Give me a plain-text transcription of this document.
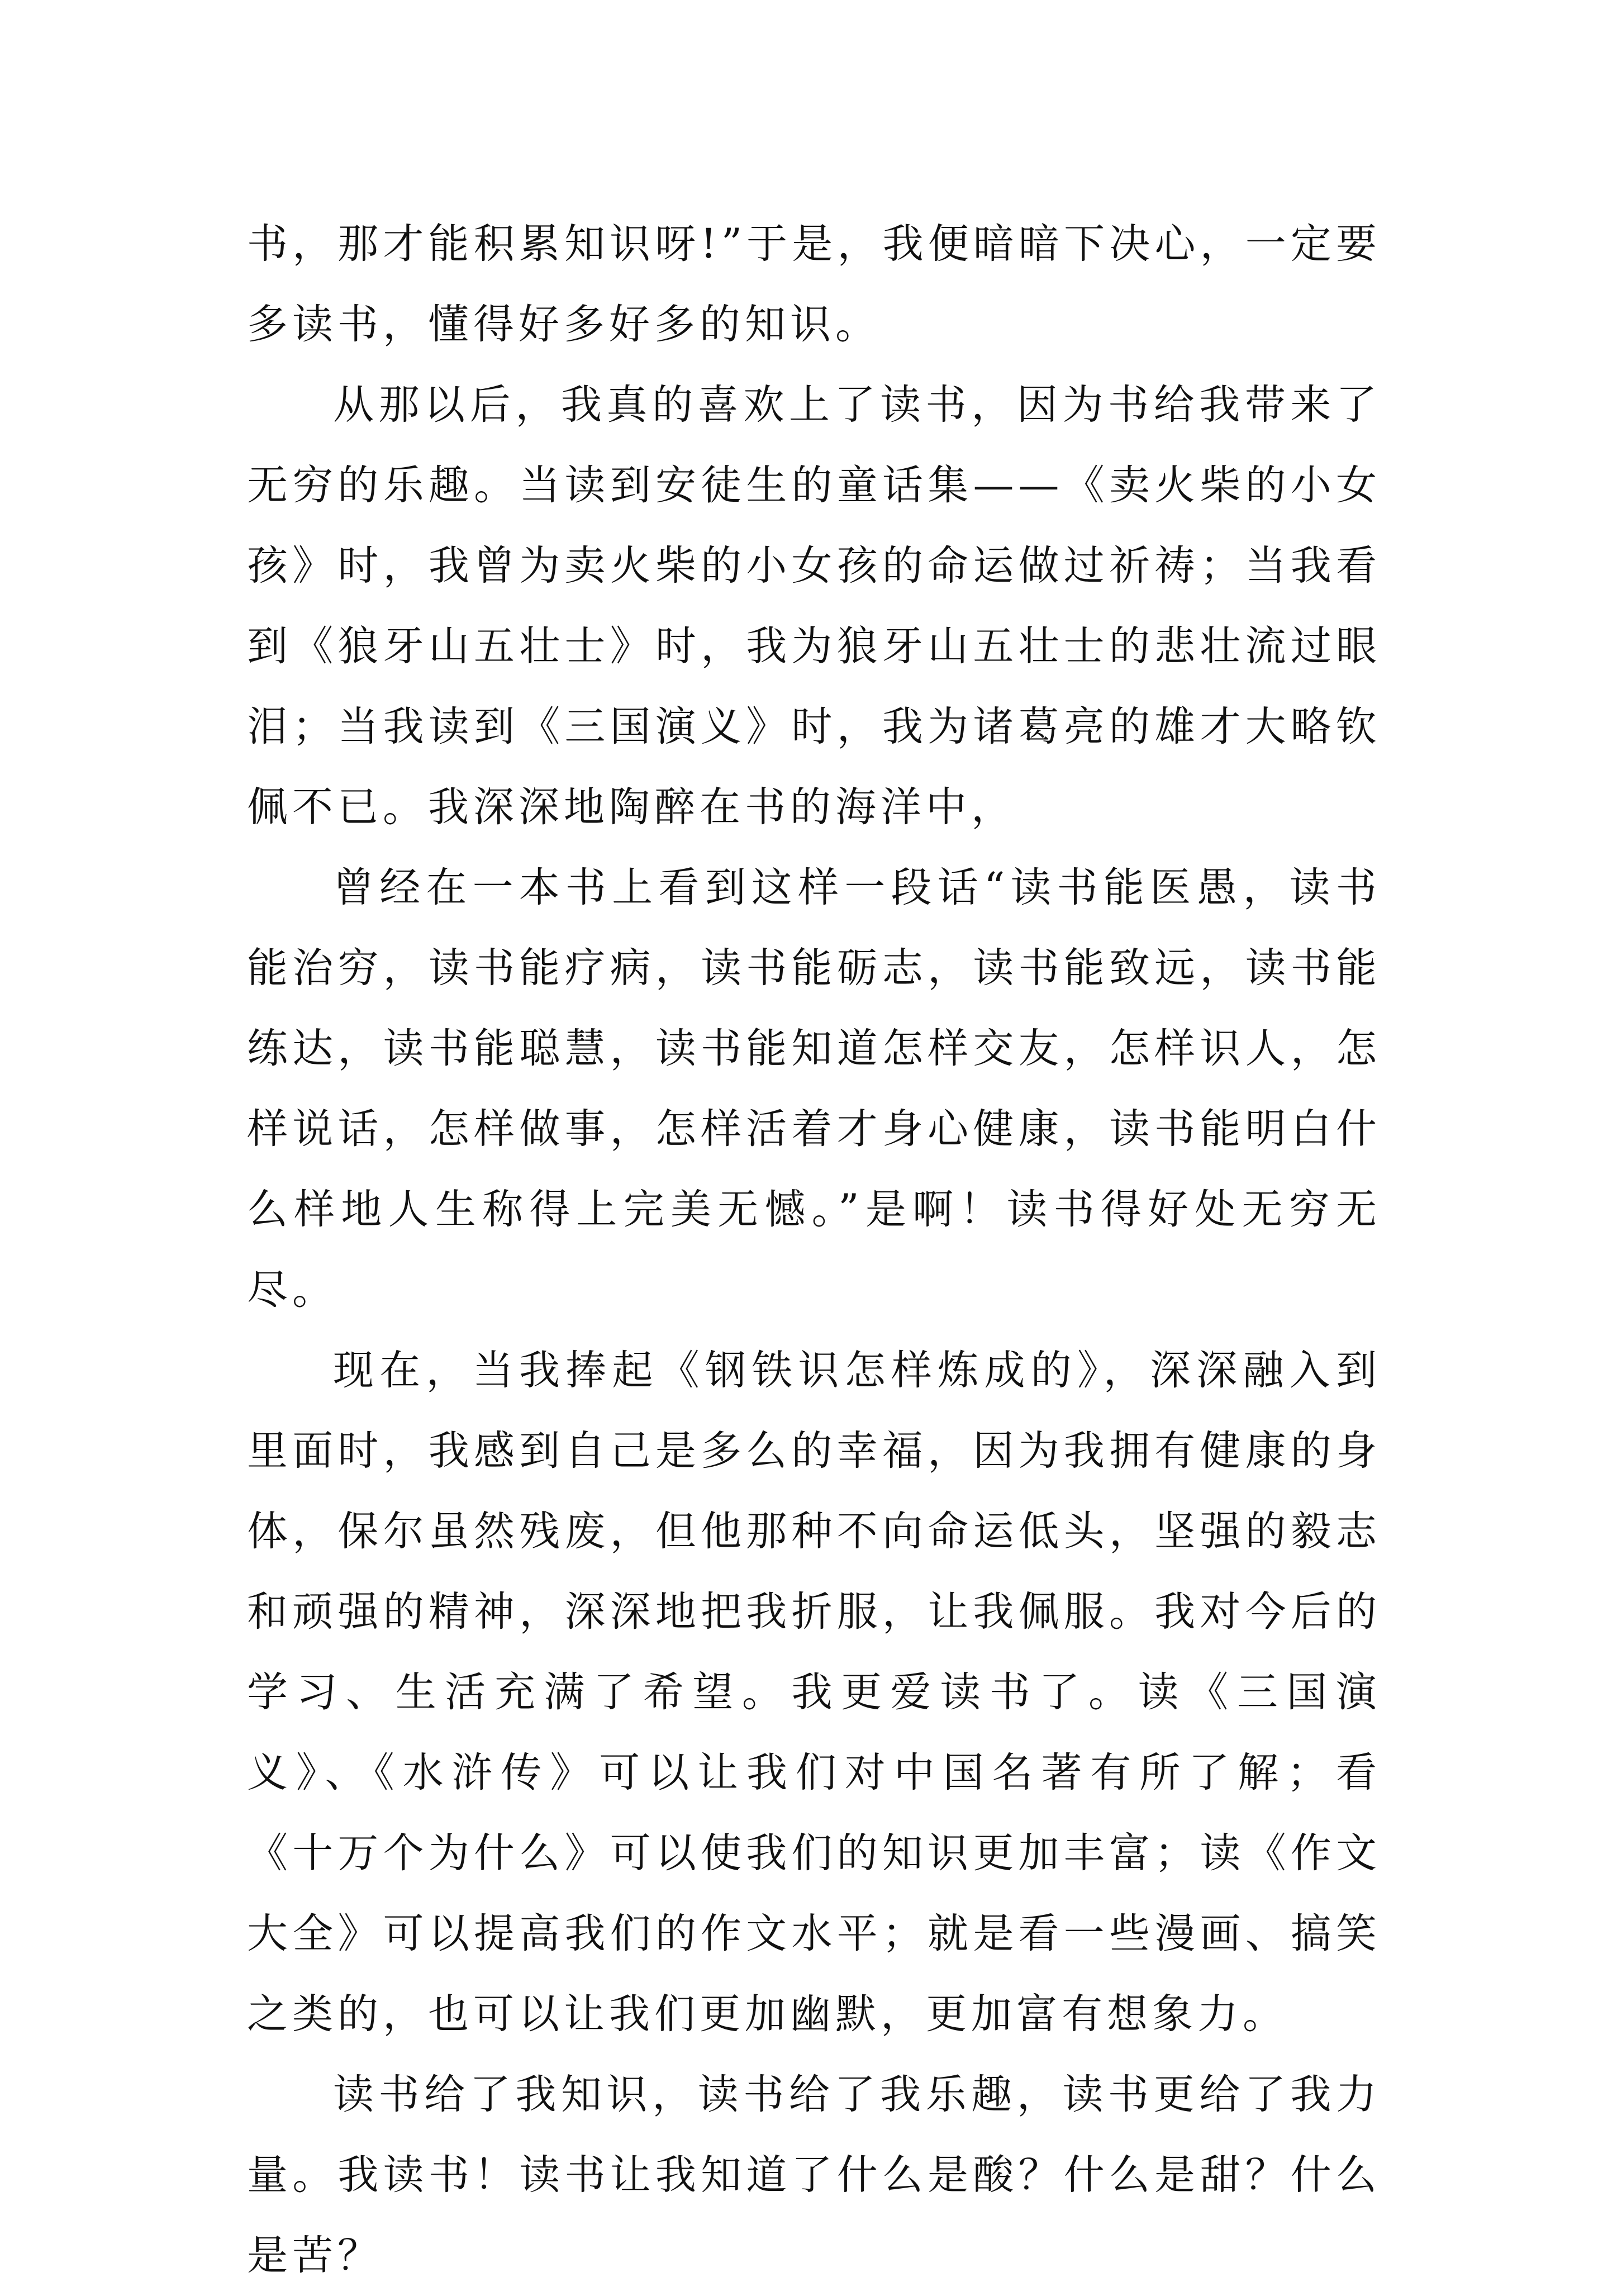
书，那才能积累知识呀!”于是，我便暗暗下决心，一定要多读书，懂得好多好多的知识。

从那以后，我真的喜欢上了读书，因为书给我带来了无穷的乐趣。当读到安徒生的童话集——《卖火柴的小女孩》时，我曾为卖火柴的小女孩的命运做过祈祷；当我看到《狼牙山五壮士》时，我为狼牙山五壮士的悲壮流过眼泪；当我读到《三国演义》时，我为诸葛亮的雄才大略钦佩不已。我深深地陶醉在书的海洋中，

曾经在一本书上看到这样一段话“读书能医愚，读书能治穷，读书能疗病，读书能砺志，读书能致远，读书能练达，读书能聪慧，读书能知道怎样交友，怎样识人，怎样说话，怎样做事，怎样活着才身心健康，读书能明白什么样地人生称得上完美无憾。”是啊！读书得好处无穷无尽。

现在，当我捧起《钢铁识怎样炼成的》，深深融入到里面时，我感到自己是多么的幸福，因为我拥有健康的身体，保尔虽然残废，但他那种不向命运低头，坚强的毅志和顽强的精神，深深地把我折服，让我佩服。我对今后的学习、生活充满了希望。我更爱读书了。读《三国演义》、《水浒传》可以让我们对中国名著有所了解；看《十万个为什么》可以使我们的知识更加丰富；读《作文大全》可以提高我们的作文水平；就是看一些漫画、搞笑之类的，也可以让我们更加幽默，更加富有想象力。

读书给了我知识，读书给了我乐趣，读书更给了我力量。我读书！读书让我知道了什么是酸？什么是甜？什么是苦？
